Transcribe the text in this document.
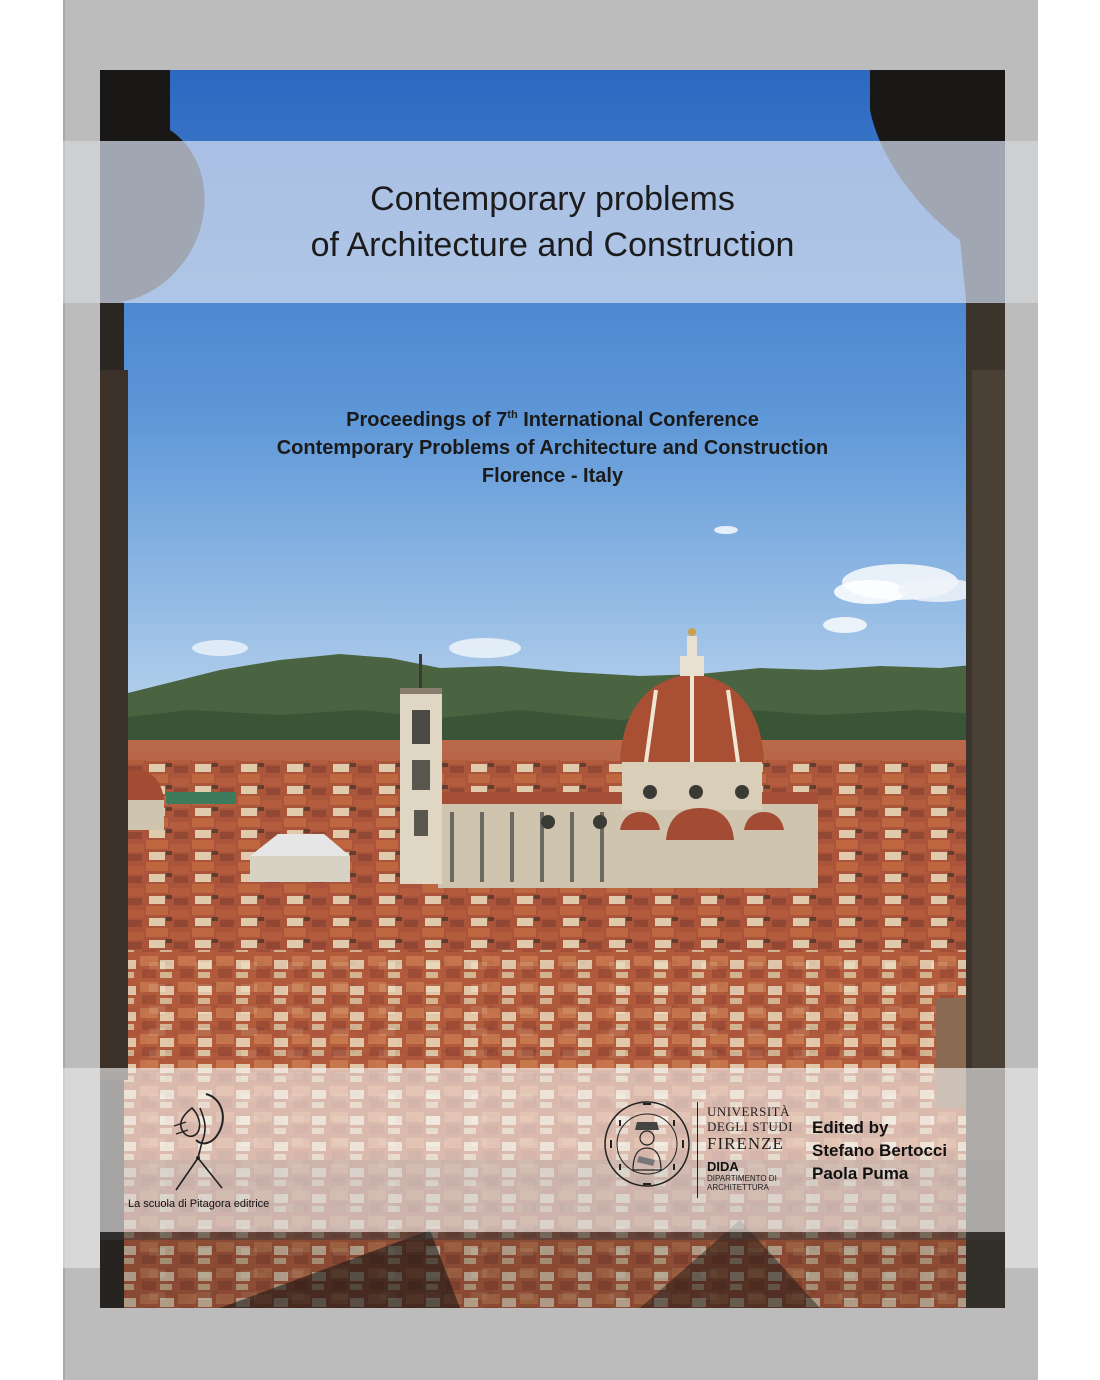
Contemporary problems
of Architecture and Construction
Proceedings of 7th International Conference
Contemporary Problems of Architecture and Construction
Florence - Italy
La scuola di Pitagora editrice
UNIVERSITÀ
DEGLI STUDI
FIRENZE
DIDA
DIPARTIMENTO DI
ARCHITETTURA
Edited by
Stefano Bertocci
Paola Puma
